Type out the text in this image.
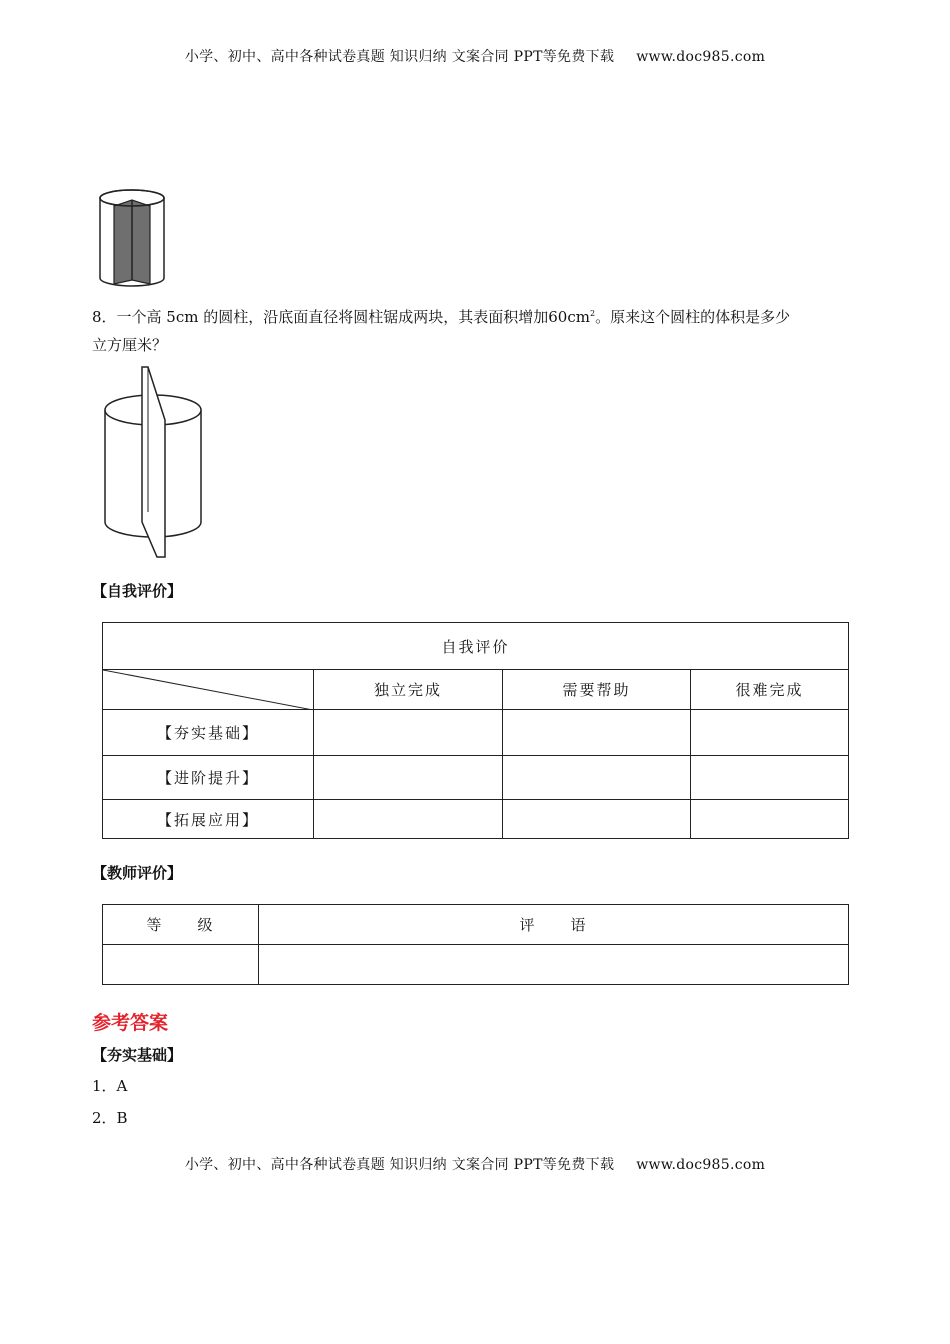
小学、初中、高中各种试卷真题 知识归纳 文案合同 PPT等免费下载 www.doc985.com
8．一个高 5cm 的圆柱，沿底面直径将圆柱锯成两块，其表面积增加$60cm^2$。原来这个圆柱的体积是多少
立方厘米？
【自我评价】
自我评价			

	独立完成	需要帮助	很难完成
【夯实基础】			
【进阶提升】			
【拓展应用】			
【教师评价】
等　　级	评　　语

参考答案
【夯实基础】
1．A
2．B
小学、初中、高中各种试卷真题 知识归纳 文案合同 PPT等免费下载 www.doc985.com
